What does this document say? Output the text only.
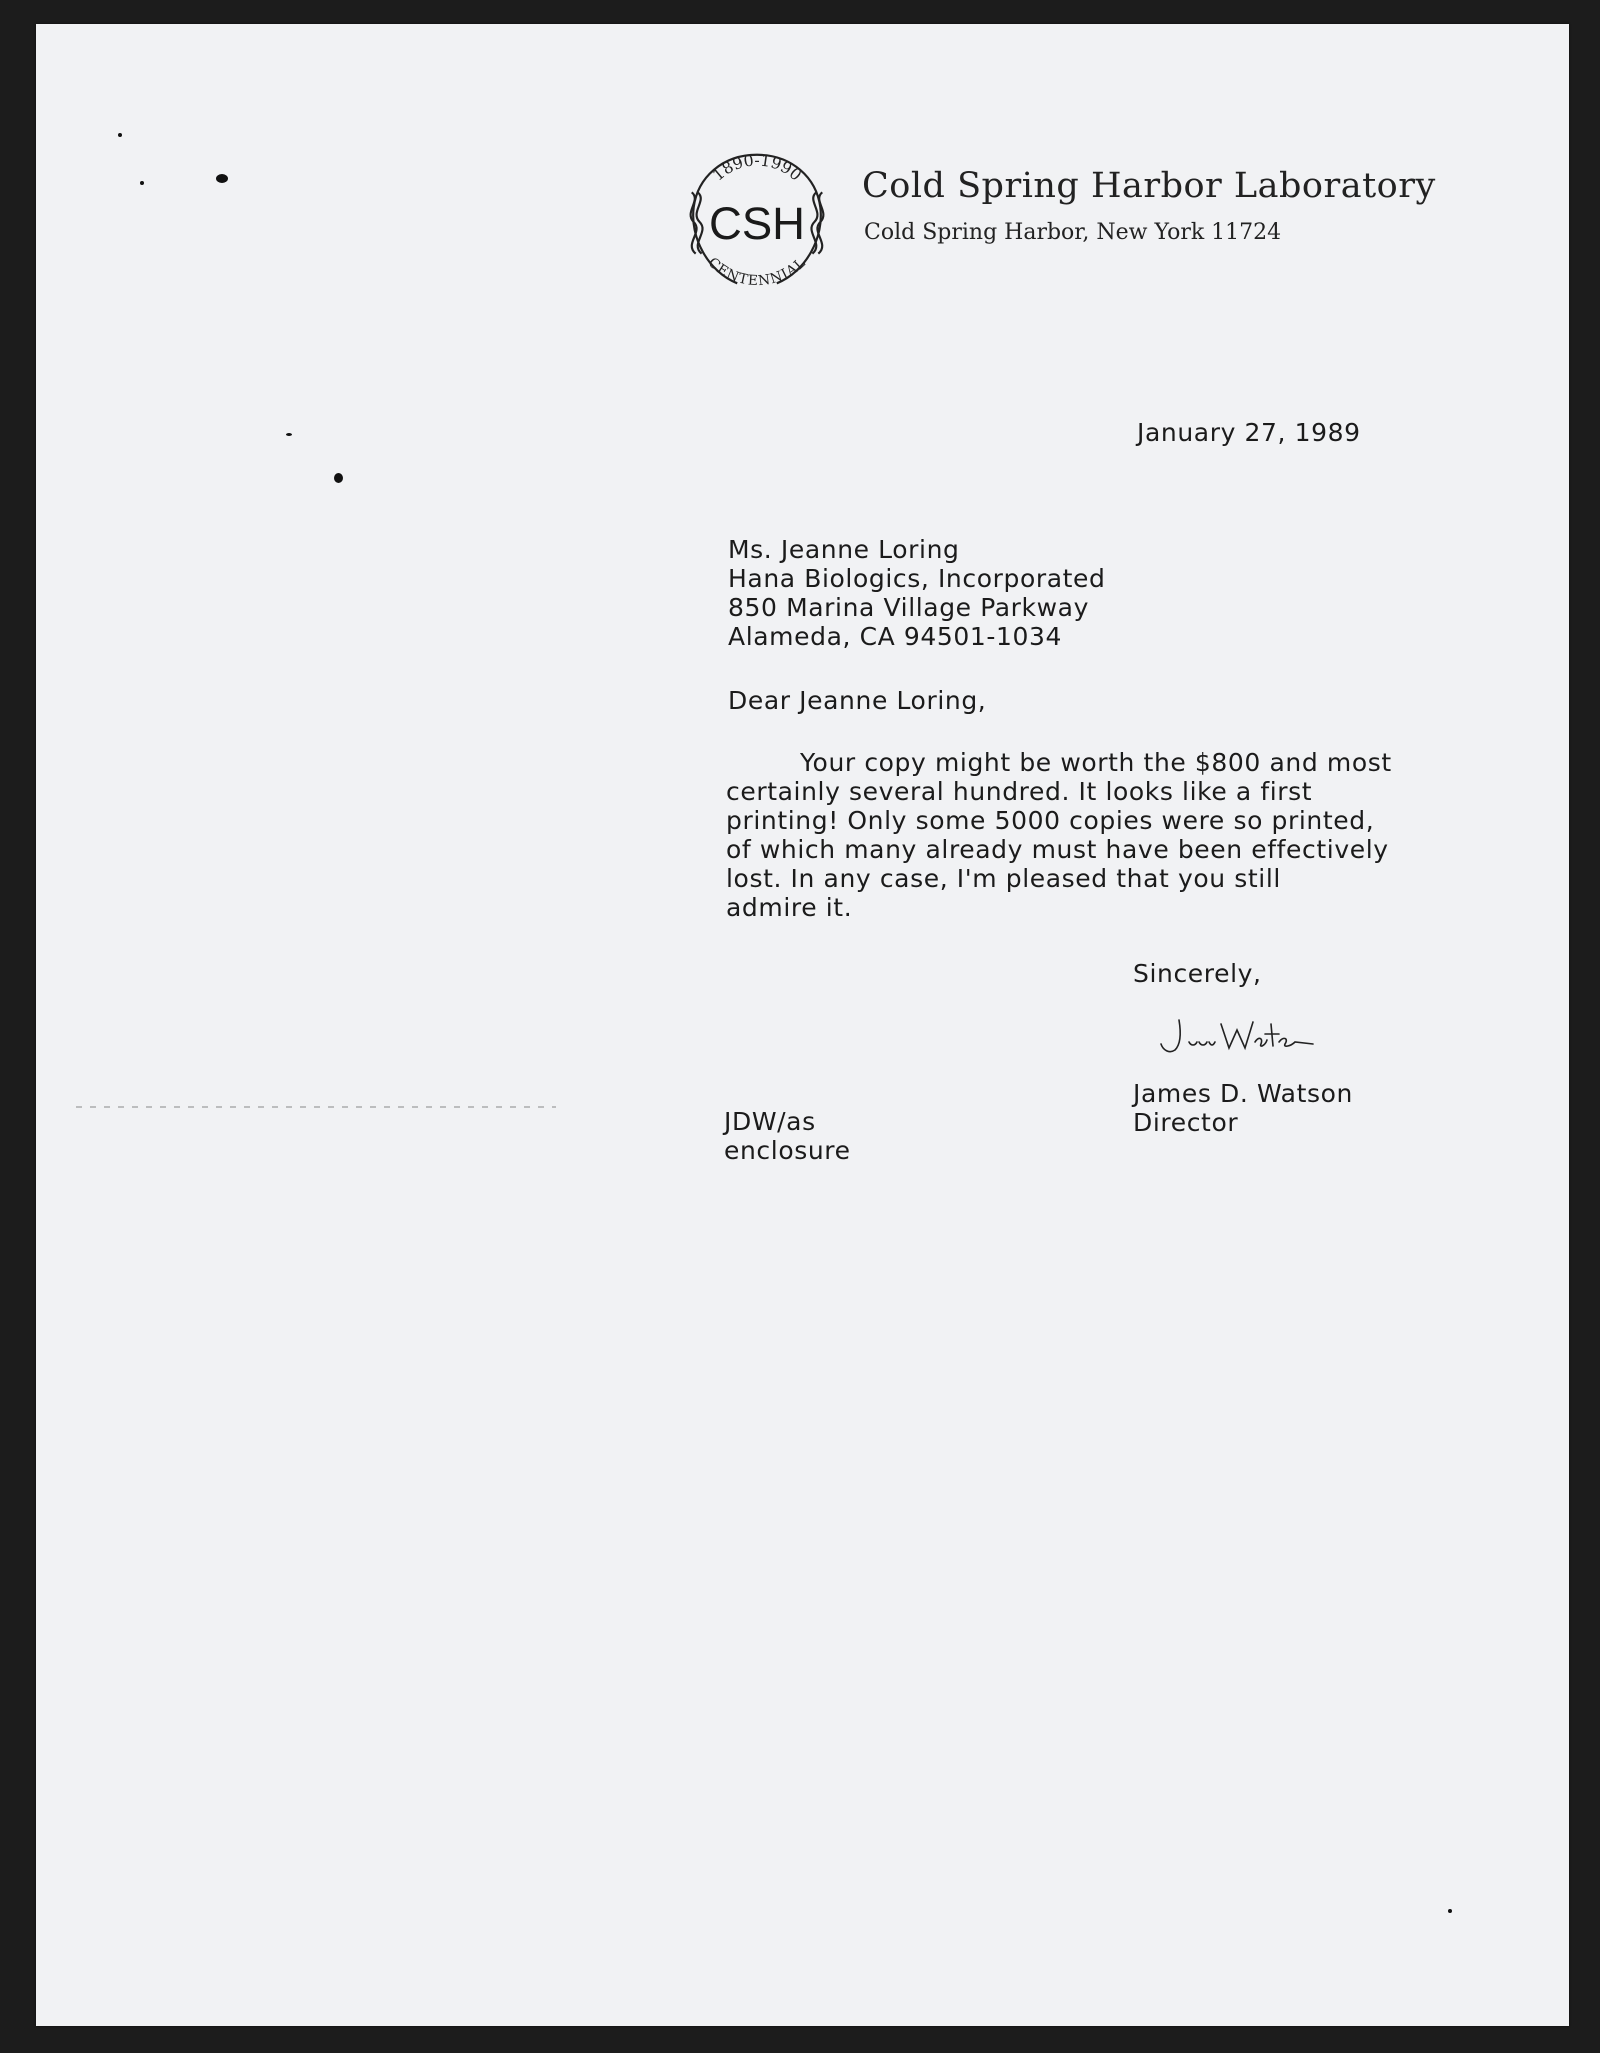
1890-1990
CENTENNIAL
CSH
Cold Spring Harbor Laboratory
Cold Spring Harbor, New York 11724
January 27, 1989
Ms. Jeanne Loring
Hana Biologics, Incorporated
850 Marina Village Parkway
Alameda, CA 94501-1034
Dear Jeanne Loring,
Your copy might be worth the $800 and most
certainly several hundred. It looks like a first
printing! Only some 5000 copies were so printed,
of which many already must have been effectively
lost. In any case, I'm pleased that you still
admire it.
Sincerely,
James D. Watson
Director
JDW/as
enclosure
